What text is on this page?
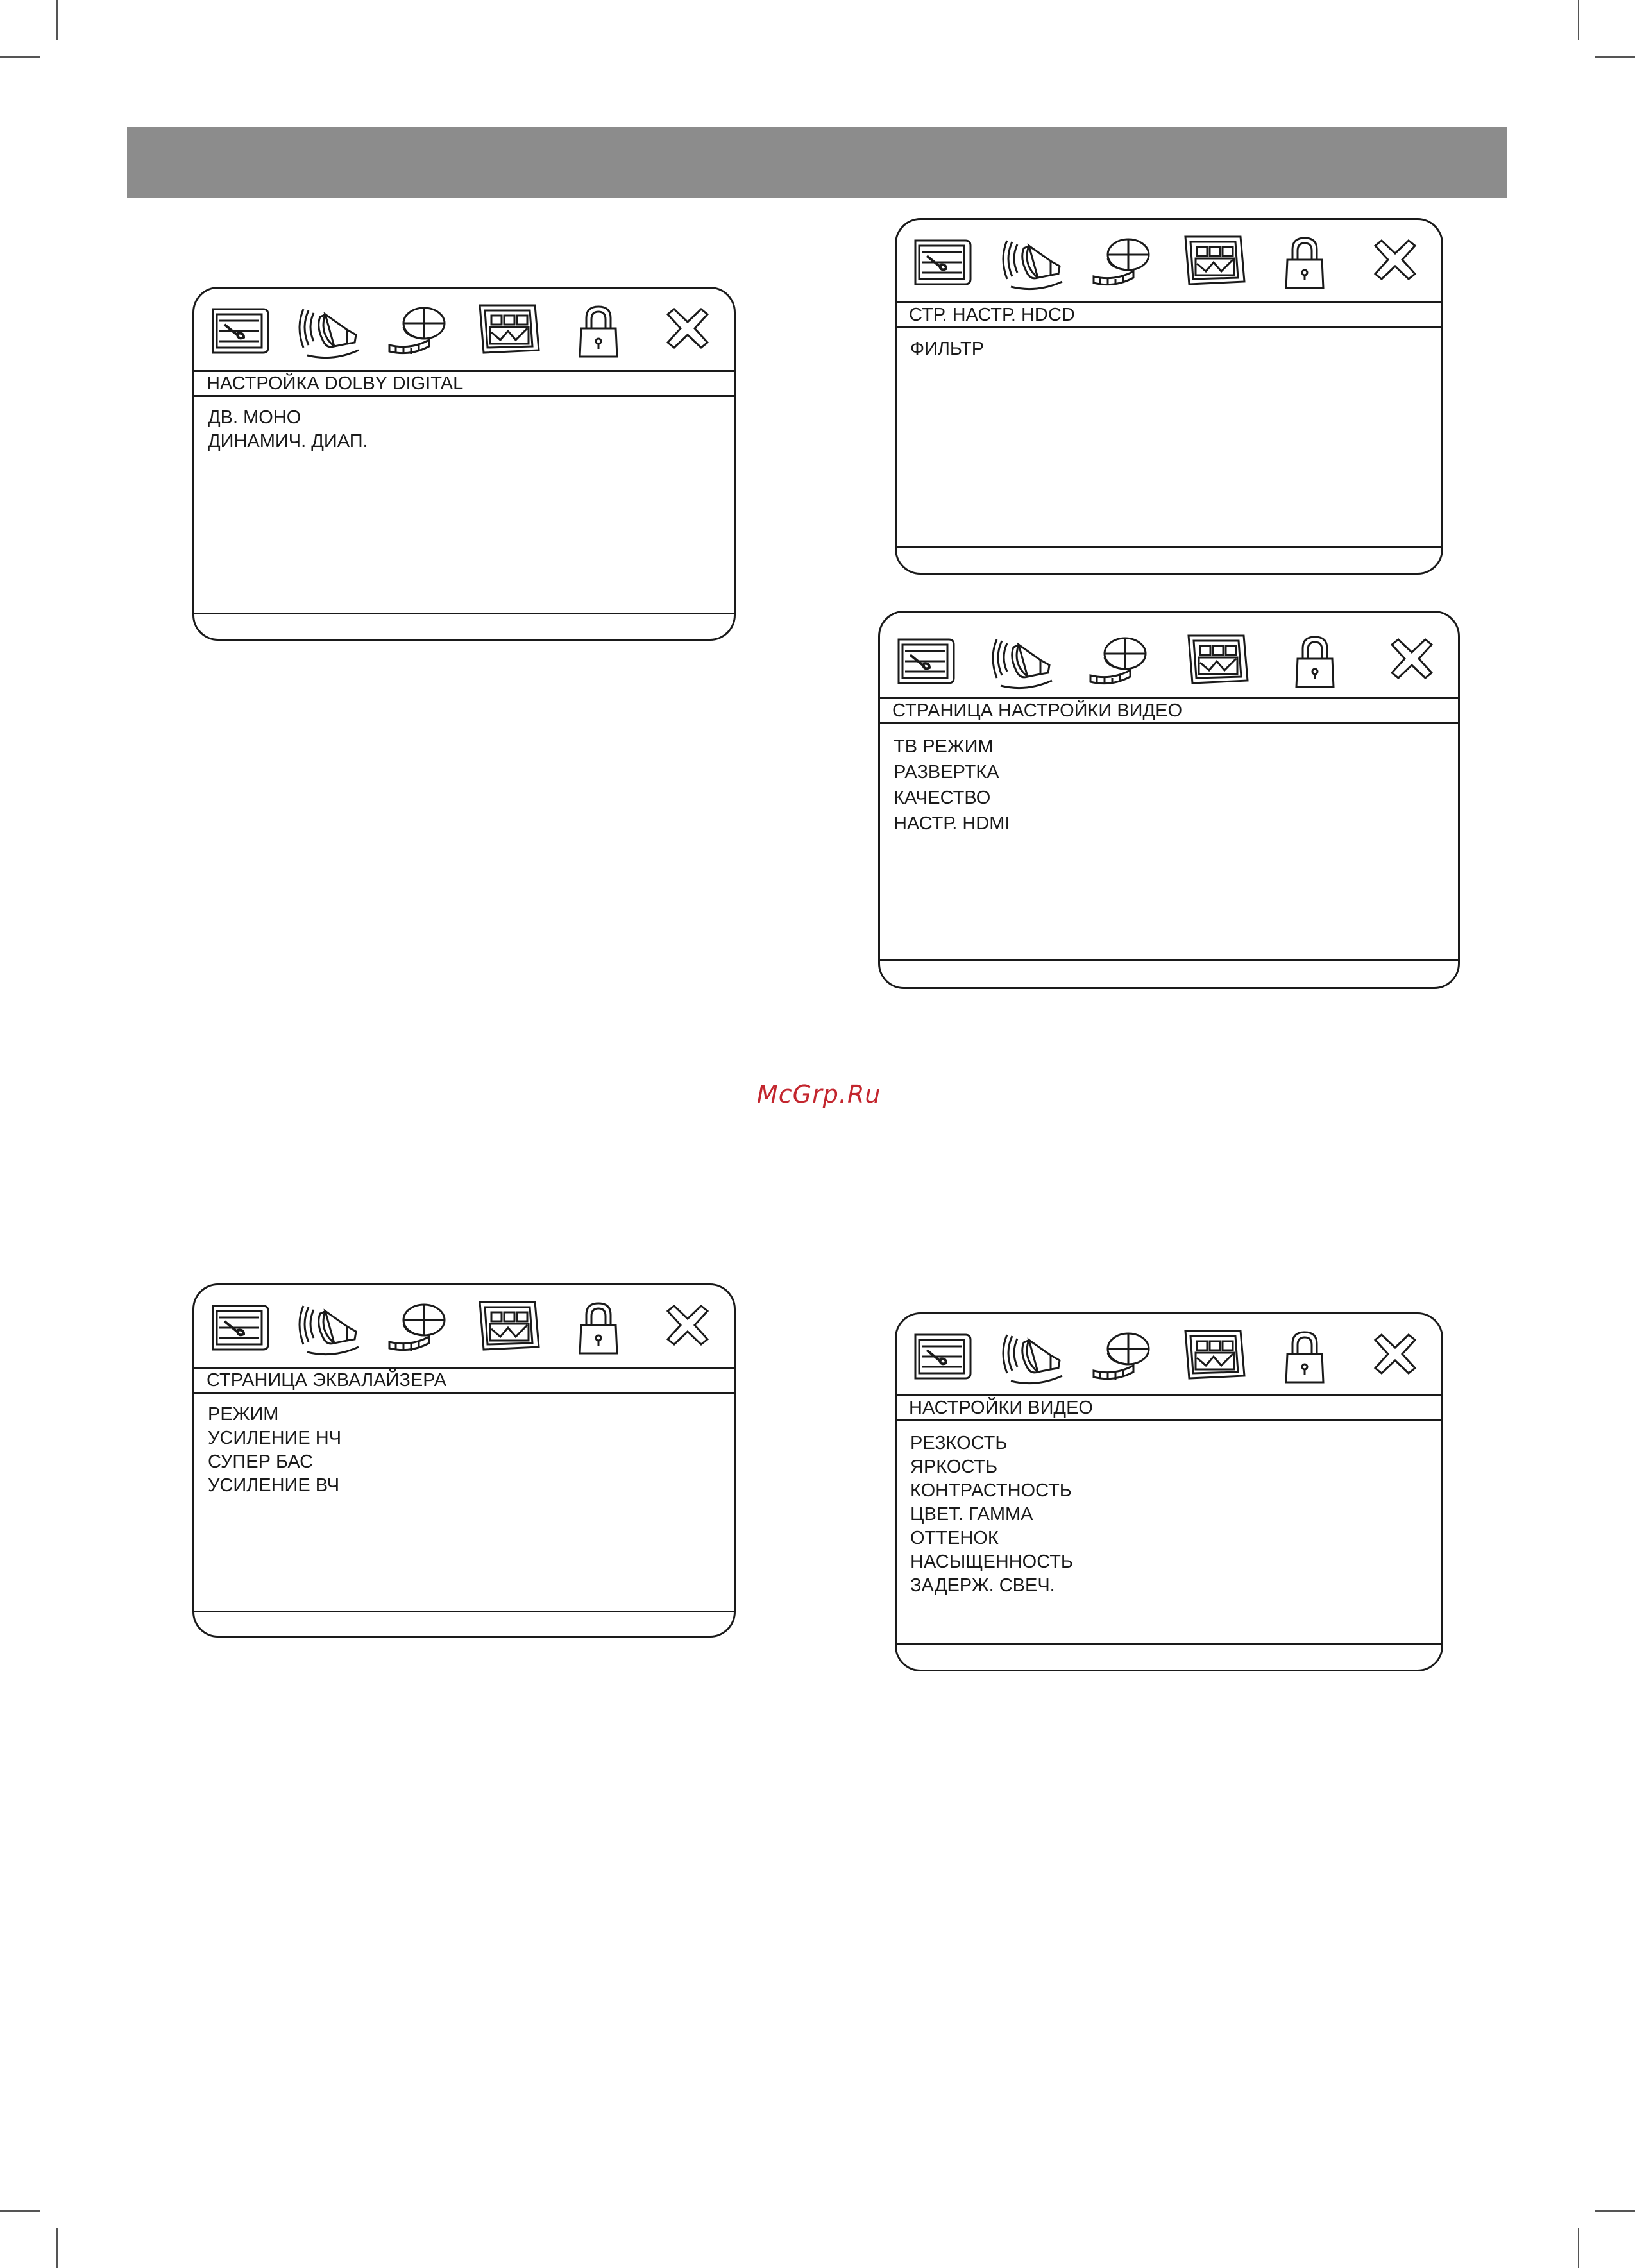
НАСТРОЙКА DOLBY DIGITAL
ДВ. МОНО
ДИНАМИЧ. ДИАП.
СТР. НАСТР. HDCD
ФИЛЬТР
СТРАНИЦА НАСТРОЙКИ ВИДЕО
ТВ РЕЖИМ
РАЗВЕРТКА
КАЧЕСТВО
НАСТР. HDMI
McGrp.Ru
СТРАНИЦА ЭКВАЛАЙЗЕРА
РЕЖИМ
УСИЛЕНИЕ НЧ
СУПЕР БАС
УСИЛЕНИЕ ВЧ
НАСТРОЙКИ ВИДЕО
РЕЗКОСТЬ
ЯРКОСТЬ
КОНТРАСТНОСТЬ
ЦВЕТ. ГАММА
ОТТЕНОК
НАСЫЩЕННОСТЬ
ЗАДЕРЖ. СВЕЧ.
